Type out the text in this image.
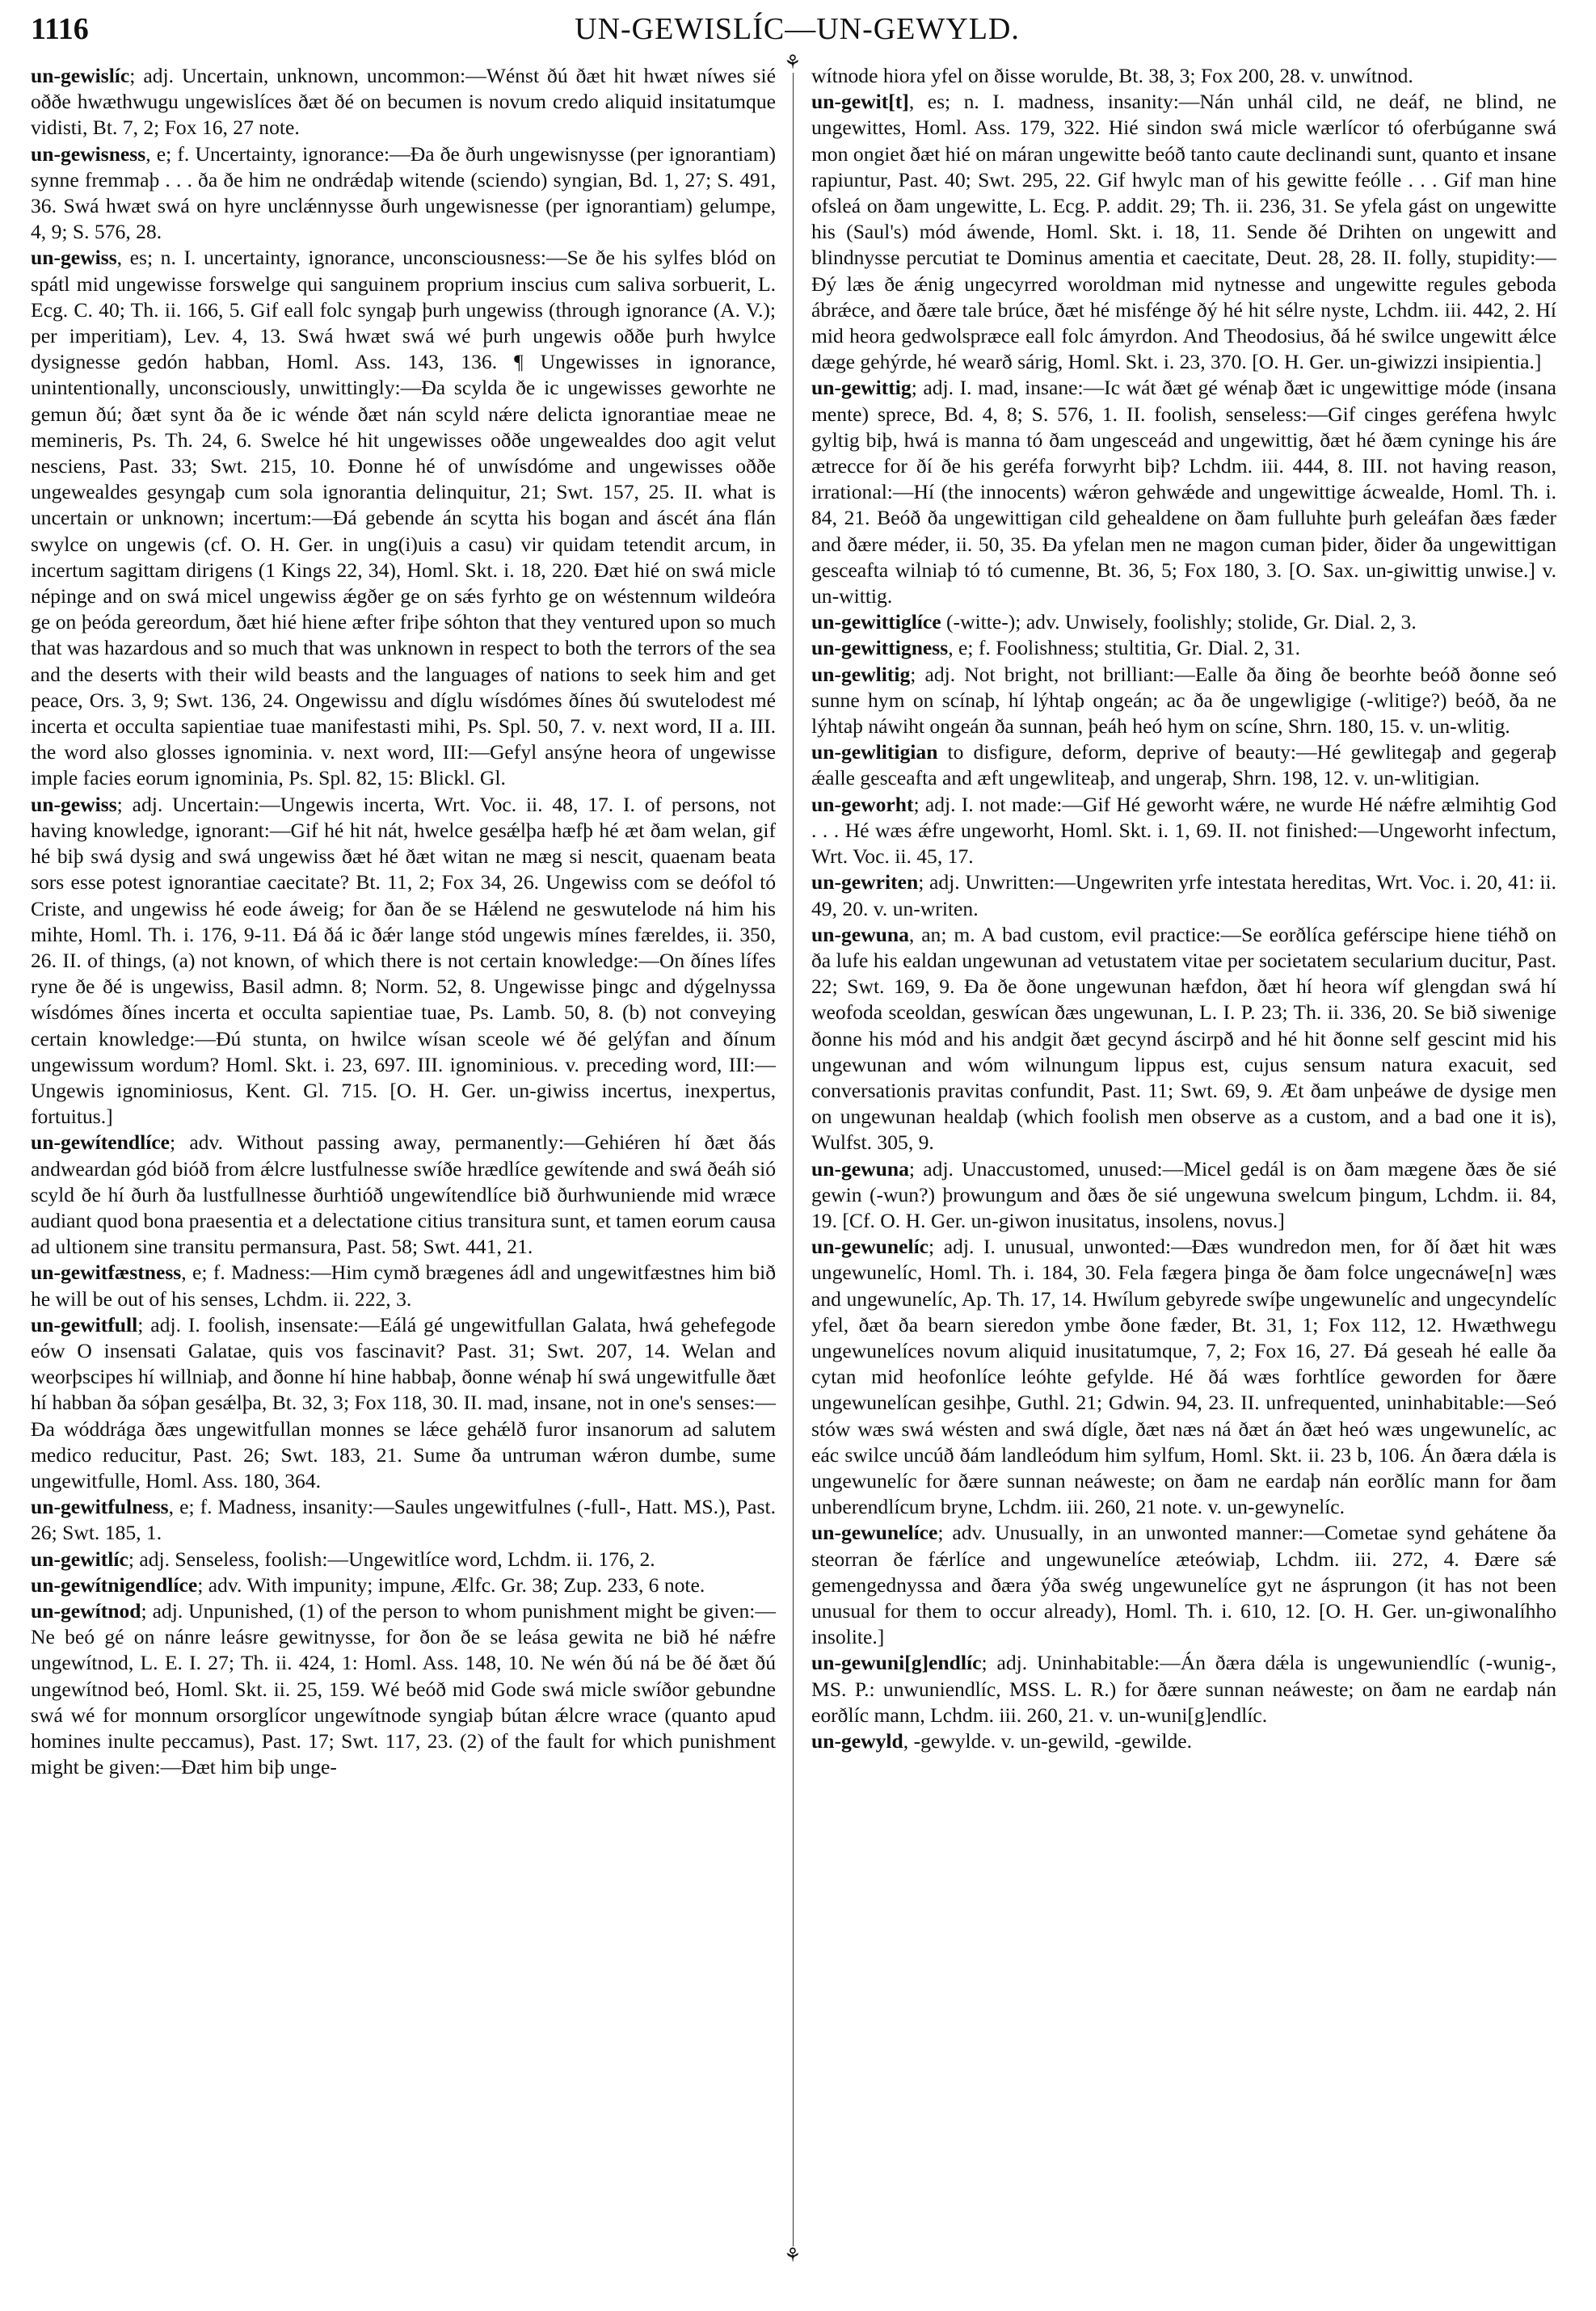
UN-GEWISLÍC—UN-GEWYLD.
1116
⚘
⚘

un-gewislíc; adj. Uncertain, unknown, uncommon:—Wénst ðú ðæt hit hwæt níwes sié oððe hwæthwugu ungewislíces ðæt ðé on becumen is novum credo aliquid insitatumque vidisti, Bt. 7, 2; Fox 16, 27 note.

un-gewisness, e; f. Uncertainty, ignorance:—Ða ðe ðurh ungewisnysse (per ignorantiam) synne fremmaþ . . . ða ðe him ne ondrǽdaþ witende (sciendo) syngian, Bd. 1, 27; S. 491, 36. Swá hwæt swá on hyre unclǽnnysse ðurh ungewisnesse (per ignorantiam) gelumpe, 4, 9; S. 576, 28.

un-gewiss, es; n. I. uncertainty, ignorance, unconsciousness:—Se ðe his sylfes blód on spátl mid ungewisse forswelge qui sanguinem proprium inscius cum saliva sorbuerit, L. Ecg. C. 40; Th. ii. 166, 5. Gif eall folc syngaþ þurh ungewiss (through ignorance (A. V.); per imperitiam), Lev. 4, 13. Swá hwæt swá wé þurh ungewis oððe þurh hwylce dysignesse gedón habban, Homl. Ass. 143, 136. ¶ Ungewisses in ignorance, unintentionally, unconsciously, unwittingly:—Ða scylda ðe ic ungewisses geworhte ne gemun ðú; ðæt synt ða ðe ic wénde ðæt nán scyld nǽre delicta ignorantiae meae ne memineris, Ps. Th. 24, 6. Swelce hé hit ungewisses oððe ungewealdes doo agit velut nesciens, Past. 33; Swt. 215, 10. Ðonne hé of unwísdóme and ungewisses oððe ungewealdes gesyngaþ cum sola ignorantia delinquitur, 21; Swt. 157, 25. II. what is uncertain or unknown; incertum:—Ðá gebende án scytta his bogan and áscét ána flán swylce on ungewis (cf. O. H. Ger. in ung(i)uis a casu) vir quidam tetendit arcum, in incertum sagittam dirigens (1 Kings 22, 34), Homl. Skt. i. 18, 220. Ðæt hié on swá micle népinge and on swá micel ungewiss ǽgðer ge on sǽs fyrhto ge on wéstennum wildeóra ge on þeóda gereordum, ðæt hié hiene æfter friþe sóhton that they ventured upon so much that was hazardous and so much that was unknown in respect to both the terrors of the sea and the deserts with their wild beasts and the languages of nations to seek him and get peace, Ors. 3, 9; Swt. 136, 24. Ongewissu and díglu wísdómes ðínes ðú swutelodest mé incerta et occulta sapientiae tuae manifestasti mihi, Ps. Spl. 50, 7. v. next word, II a. III. the word also glosses ignominia. v. next word, III:—Gefyl ansýne heora of ungewisse imple facies eorum ignominia, Ps. Spl. 82, 15: Blickl. Gl.

un-gewiss; adj. Uncertain:—Ungewis incerta, Wrt. Voc. ii. 48, 17. I. of persons, not having knowledge, ignorant:—Gif hé hit nát, hwelce gesǽlþa hæfþ hé æt ðam welan, gif hé biþ swá dysig and swá ungewiss ðæt hé ðæt witan ne mæg si nescit, quaenam beata sors esse potest ignorantiae caecitate? Bt. 11, 2; Fox 34, 26. Ungewiss com se deófol tó Criste, and ungewiss hé eode áweig; for ðan ðe se Hǽlend ne geswutelode ná him his mihte, Homl. Th. i. 176, 9-11. Ðá ðá ic ðǽr lange stód ungewis mínes færeldes, ii. 350, 26. II. of things, (a) not known, of which there is not certain knowledge:—On ðínes lífes ryne ðe ðé is ungewiss, Basil admn. 8; Norm. 52, 8. Ungewisse þingc and dýgelnyssa wísdómes ðínes incerta et occulta sapientiae tuae, Ps. Lamb. 50, 8. (b) not conveying certain knowledge:—Ðú stunta, on hwilce wísan sceole wé ðé gelýfan and ðínum ungewissum wordum? Homl. Skt. i. 23, 697. III. ignominious. v. preceding word, III:—Ungewis ignominiosus, Kent. Gl. 715. [O. H. Ger. un-giwiss incertus, inexpertus, fortuitus.]

un-gewítendlíce; adv. Without passing away, permanently:—Gehiéren hí ðæt ðás andweardan gód bióð from ǽlcre lustfulnesse swíðe hrædlíce gewítende and swá ðeáh sió scyld ðe hí ðurh ða lustfullnesse ðurhtióð ungewítendlíce bið ðurhwuniende mid wræce audiant quod bona praesentia et a delectatione citius transitura sunt, et tamen eorum causa ad ultionem sine transitu permansura, Past. 58; Swt. 441, 21.

un-gewitfæstness, e; f. Madness:—Him cymð brægenes ádl and ungewitfæstnes him bið he will be out of his senses, Lchdm. ii. 222, 3.

un-gewitfull; adj. I. foolish, insensate:—Eálá gé ungewitfullan Galata, hwá gehefegode eów O insensati Galatae, quis vos fascinavit? Past. 31; Swt. 207, 14. Welan and weorþscipes hí willniaþ, and ðonne hí hine habbaþ, ðonne wénaþ hí swá ungewitfulle ðæt hí habban ða sóþan gesǽlþa, Bt. 32, 3; Fox 118, 30. II. mad, insane, not in one's senses:—Ða wóddrága ðæs ungewitfullan monnes se lǽce gehǽlð furor insanorum ad salutem medico reducitur, Past. 26; Swt. 183, 21. Sume ða untruman wǽron dumbe, sume ungewitfulle, Homl. Ass. 180, 364.

un-gewitfulness, e; f. Madness, insanity:—Saules ungewitfulnes (-full-, Hatt. MS.), Past. 26; Swt. 185, 1.

un-gewitlíc; adj. Senseless, foolish:—Ungewitlíce word, Lchdm. ii. 176, 2.

un-gewítnigendlíce; adv. With impunity; impune, Ælfc. Gr. 38; Zup. 233, 6 note.

un-gewítnod; adj. Unpunished, (1) of the person to whom punishment might be given:—Ne beó gé on nánre leásre gewitnysse, for ðon ðe se leása gewita ne bið hé nǽfre ungewítnod, L. E. I. 27; Th. ii. 424, 1: Homl. Ass. 148, 10. Ne wén ðú ná be ðé ðæt ðú ungewítnod beó, Homl. Skt. ii. 25, 159. Wé beóð mid Gode swá micle swíðor gebundne swá wé for monnum orsorglícor ungewítnode syngiaþ bútan ǽlcre wrace (quanto apud homines inulte peccamus), Past. 17; Swt. 117, 23. (2) of the fault for which punishment might be given:—Ðæt him biþ unge-

wítnode hiora yfel on ðisse worulde, Bt. 38, 3; Fox 200, 28. v. unwítnod.

un-gewit[t], es; n. I. madness, insanity:—Nán unhál cild, ne deáf, ne blind, ne ungewittes, Homl. Ass. 179, 322. Hié sindon swá micle wærlícor tó oferbúganne swá mon ongiet ðæt hié on máran ungewitte beóð tanto caute declinandi sunt, quanto et insane rapiuntur, Past. 40; Swt. 295, 22. Gif hwylc man of his gewitte feólle . . . Gif man hine ofsleá on ðam ungewitte, L. Ecg. P. addit. 29; Th. ii. 236, 31. Se yfela gást on ungewitte his (Saul's) mód áwende, Homl. Skt. i. 18, 11. Sende ðé Drihten on ungewitt and blindnysse percutiat te Dominus amentia et caecitate, Deut. 28, 28. II. folly, stupidity:—Ðý læs ðe ǽnig ungecyrred woroldman mid nytnesse and ungewitte regules geboda ábrǽce, and ðære tale brúce, ðæt hé misfénge ðý hé hit sélre nyste, Lchdm. iii. 442, 2. Hí mid heora gedwolspræce eall folc ámyrdon. And Theodosius, ðá hé swilce ungewitt ǽlce dæge gehýrde, hé wearð sárig, Homl. Skt. i. 23, 370. [O. H. Ger. un-giwizzi insipientia.]

un-gewittig; adj. I. mad, insane:—Ic wát ðæt gé wénaþ ðæt ic ungewittige móde (insana mente) sprece, Bd. 4, 8; S. 576, 1. II. foolish, senseless:—Gif cinges geréfena hwylc gyltig biþ, hwá is manna tó ðam ungesceád and ungewittig, ðæt hé ðæm cyninge his áre ætrecce for ðí ðe his geréfa forwyrht biþ? Lchdm. iii. 444, 8. III. not having reason, irrational:—Hí (the innocents) wǽron gehwǽde and ungewittige ácwealde, Homl. Th. i. 84, 21. Beóð ða ungewittigan cild gehealdene on ðam fulluhte þurh geleáfan ðæs fæder and ðære méder, ii. 50, 35. Ða yfelan men ne magon cuman þider, ðider ða ungewittigan gesceafta wilniaþ tó tó cumenne, Bt. 36, 5; Fox 180, 3. [O. Sax. un-giwittig unwise.] v. un-wittig.

un-gewittiglíce (-witte-); adv. Unwisely, foolishly; stolide, Gr. Dial. 2, 3.

un-gewittigness, e; f. Foolishness; stultitia, Gr. Dial. 2, 31.

un-gewlitig; adj. Not bright, not brilliant:—Ealle ða ðing ðe beorhte beóð ðonne seó sunne hym on scínaþ, hí lýhtaþ ongeán; ac ða ðe ungewligige (-wlitige?) beóð, ða ne lýhtaþ náwiht ongeán ða sunnan, þeáh heó hym on scíne, Shrn. 180, 15. v. un-wlitig.

un-gewlitigian to disfigure, deform, deprive of beauty:—Hé gewlitegaþ and gegeraþ ǽalle gesceafta and æft ungewliteaþ, and ungeraþ, Shrn. 198, 12. v. un-wlitigian.

un-geworht; adj. I. not made:—Gif Hé geworht wǽre, ne wurde Hé nǽfre ælmihtig God . . . Hé wæs ǽfre ungeworht, Homl. Skt. i. 1, 69. II. not finished:—Ungeworht infectum, Wrt. Voc. ii. 45, 17.

un-gewriten; adj. Unwritten:—Ungewriten yrfe intestata hereditas, Wrt. Voc. i. 20, 41: ii. 49, 20. v. un-writen.

un-gewuna, an; m. A bad custom, evil practice:—Se eorðlíca geférscipe hiene tiéhð on ða lufe his ealdan ungewunan ad vetustatem vitae per societatem secularium ducitur, Past. 22; Swt. 169, 9. Ða ðe ðone ungewunan hæfdon, ðæt hí heora wíf glengdan swá hí weofoda sceoldan, geswícan ðæs ungewunan, L. I. P. 23; Th. ii. 336, 20. Se bið siwenige ðonne his mód and his andgit ðæt gecynd áscirpð and hé hit ðonne self gescint mid his ungewunan and wóm wilnungum lippus est, cujus sensum natura exacuit, sed conversationis pravitas confundit, Past. 11; Swt. 69, 9. Æt ðam unþeáwe de dysige men on ungewunan healdaþ (which foolish men observe as a custom, and a bad one it is), Wulfst. 305, 9.

un-gewuna; adj. Unaccustomed, unused:—Micel gedál is on ðam mægene ðæs ðe sié gewin (-wun?) þrowungum and ðæs ðe sié ungewuna swelcum þingum, Lchdm. ii. 84, 19. [Cf. O. H. Ger. un-giwon inusitatus, insolens, novus.]

un-gewunelíc; adj. I. unusual, unwonted:—Ðæs wundredon men, for ðí ðæt hit wæs ungewunelíc, Homl. Th. i. 184, 30. Fela fægera þinga ðe ðam folce ungecnáwe[n] wæs and ungewunelíc, Ap. Th. 17, 14. Hwílum gebyrede swíþe ungewunelíc and ungecyndelíc yfel, ðæt ða bearn sieredon ymbe ðone fæder, Bt. 31, 1; Fox 112, 12. Hwæthwegu ungewunelíces novum aliquid inusitatumque, 7, 2; Fox 16, 27. Ðá geseah hé ealle ða cytan mid heofonlíce leóhte gefylde. Hé ðá wæs forhtlíce geworden for ðære ungewunelícan gesihþe, Guthl. 21; Gdwin. 94, 23. II. unfrequented, uninhabitable:—Seó stów wæs swá wésten and swá dígle, ðæt næs ná ðæt án ðæt heó wæs ungewunelíc, ac eác swilce uncúð ðám landleódum him sylfum, Homl. Skt. ii. 23 b, 106. Án ðæra dǽla is ungewunelíc for ðære sunnan neáweste; on ðam ne eardaþ nán eorðlíc mann for ðam unberendlícum bryne, Lchdm. iii. 260, 21 note. v. un-gewynelíc.

un-gewunelíce; adv. Unusually, in an unwonted manner:—Cometae synd gehátene ða steorran ðe fǽrlíce and ungewunelíce æteówiaþ, Lchdm. iii. 272, 4. Ðære sǽ gemengednyssa and ðæra ýða swég ungewunelíce gyt ne ásprungon (it has not been unusual for them to occur already), Homl. Th. i. 610, 12. [O. H. Ger. un-giwonalíhho insolite.]

un-gewuni[g]endlíc; adj. Uninhabitable:—Án ðæra dǽla is ungewuniendlíc (-wunig-, MS. P.: unwuniendlíc, MSS. L. R.) for ðære sunnan neáweste; on ðam ne eardaþ nán eorðlíc mann, Lchdm. iii. 260, 21. v. un-wuni[g]endlíc.

un-gewyld, -gewylde. v. un-gewild, -gewilde.
